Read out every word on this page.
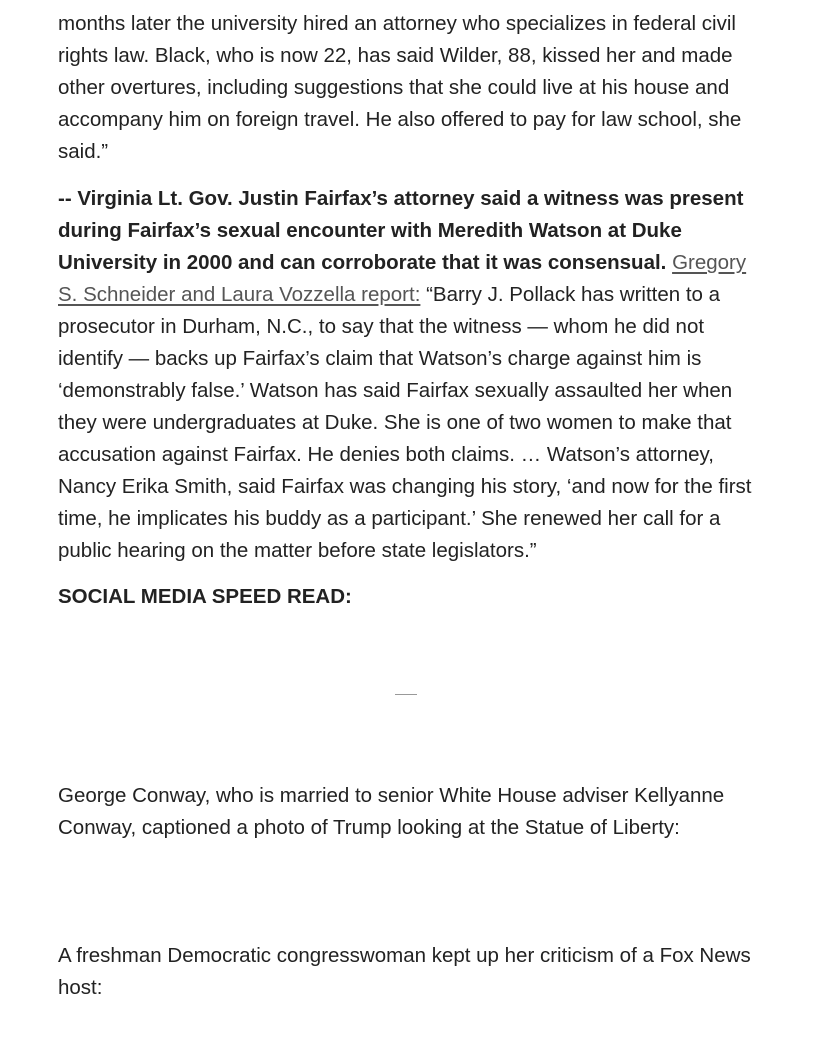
months later the university hired an attorney who specializes in federal civil rights law. Black, who is now 22, has said Wilder, 88, kissed her and made other overtures, including suggestions that she could live at his house and accompany him on foreign travel. He also offered to pay for law school, she said.”

-- Virginia Lt. Gov. Justin Fairfax’s attorney said a witness was present during Fairfax’s sexual encounter with Meredith Watson at Duke University in 2000 and can corroborate that it was consensual. Gregory S. Schneider and Laura Vozzella report: “Barry J. Pollack has written to a prosecutor in Durham, N.C., to say that the witness — whom he did not identify — backs up Fairfax’s claim that Watson’s charge against him is ‘demonstrably false.’ Watson has said Fairfax sexually assaulted her when they were undergraduates at Duke. She is one of two women to make that accusation against Fairfax. He denies both claims. … Watson’s attorney, Nancy Erika Smith, said Fairfax was changing his story, ‘and now for the first time, he implicates his buddy as a participant.’ She renewed her call for a public hearing on the matter before state legislators.”

SOCIAL MEDIA SPEED READ:

George Conway, who is married to senior White House adviser Kellyanne Conway, captioned a photo of Trump looking at the Statue of Liberty:

A freshman Democratic congresswoman kept up her criticism of a Fox News host:
